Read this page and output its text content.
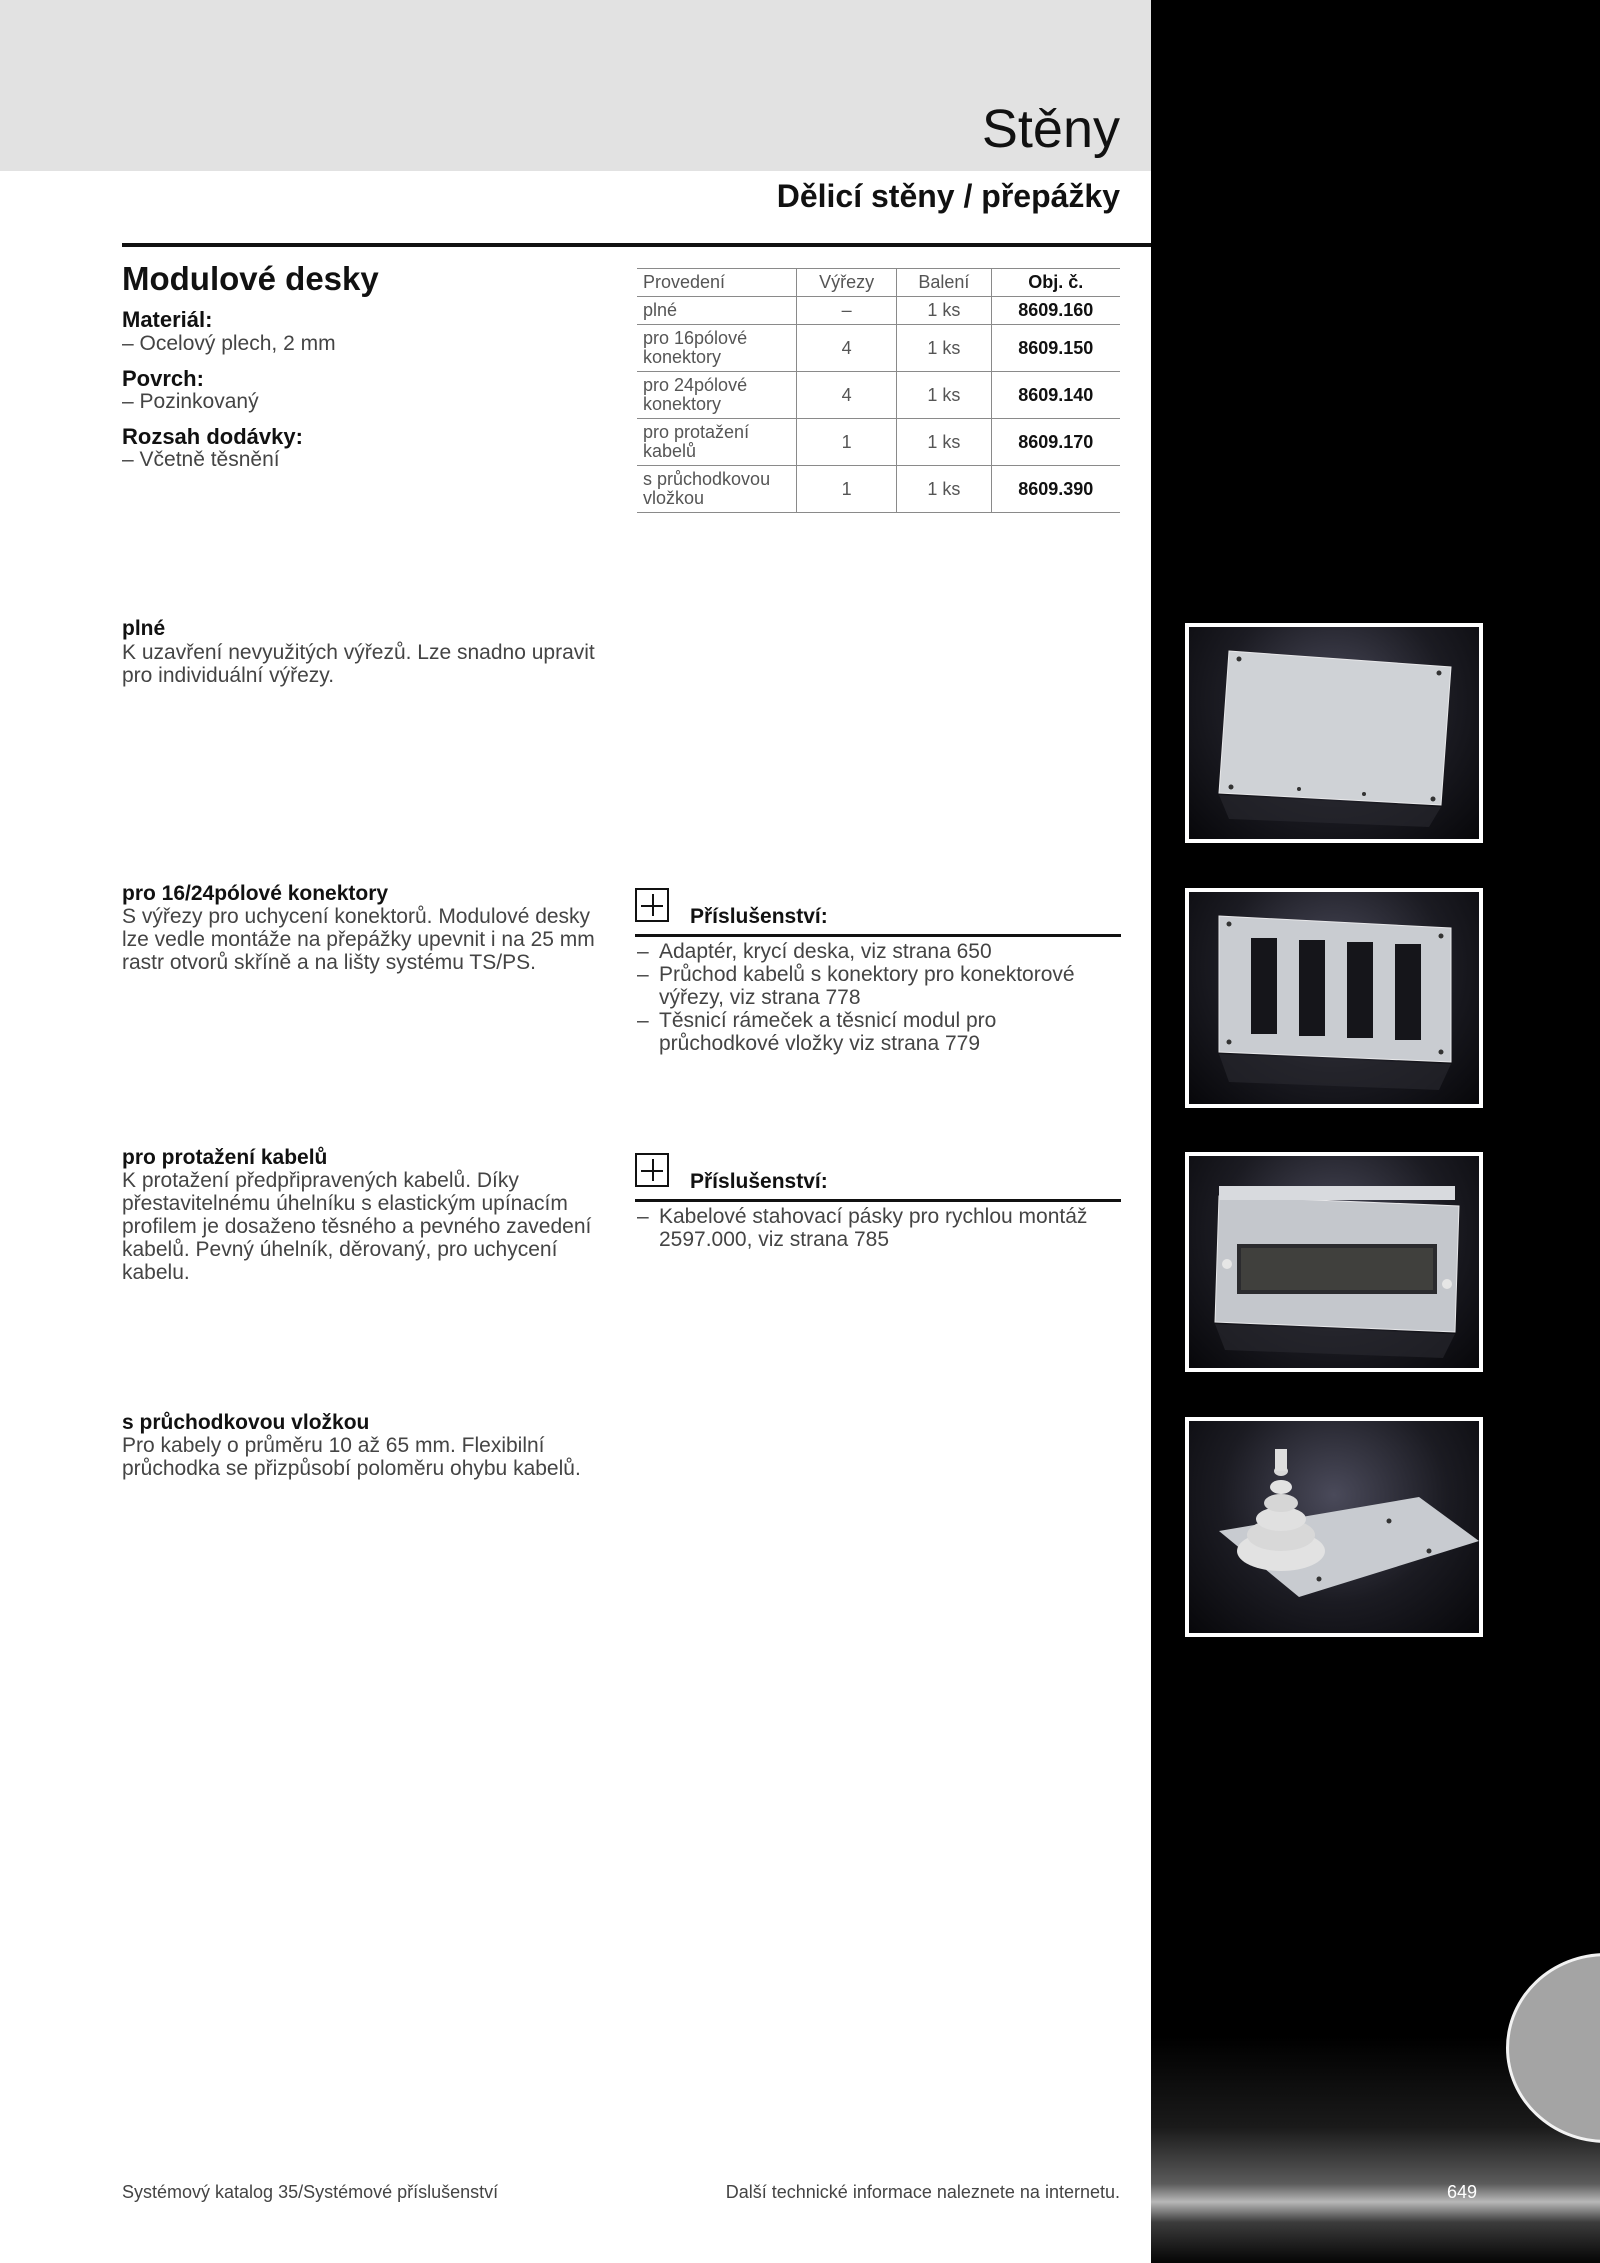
Stěny
Dělicí stěny / přepážky
Modulové desky
Materiál:
– Ocelový plech, 2 mm
Povrch:
– Pozinkovaný
Rozsah dodávky:
– Včetně těsnění
Provedení	Výřezy	Balení	Obj. č.
plné	–	1 ks	8609.160
pro 16pólové konektory	4	1 ks	8609.150
pro 24pólové konektory	4	1 ks	8609.140
pro protažení kabelů	1	1 ks	8609.170
s průchodkovou vložkou	1	1 ks	8609.390
plné
K uzavření nevyužitých výřezů. Lze snadno upravit pro individuální výřezy.
pro 16/24pólové konektory
S výřezy pro uchycení konektorů. Modulové desky lze vedle montáže na přepážky upevnit i na 25 mm rastr otvorů skříně a na lišty systému TS/PS.
pro protažení kabelů
K protažení předpřipravených kabelů. Díky přestavitelnému úhelníku s elastickým upínacím profilem je dosaženo těsného a pevného zavedení kabelů. Pevný úhelník, děrovaný, pro uchycení kabelu.
s průchodkovou vložkou
Pro kabely o průměru 10 až 65 mm. Flexibilní průchodka se přizpůsobí poloměru ohybu kabelů.
Příslušenství:
– Adaptér, krycí deska, viz strana 650
– Průchod kabelů s konektory pro konektorové výřezy, viz strana 778
– Těsnicí rámeček a těsnicí modul pro průchodkové vložky viz strana 779
Příslušenství:
– Kabelové stahovací pásky pro rychlou montáž 2597.000, viz strana 785
Systémový katalog 35/Systémové příslušenství	Další technické informace naleznete na internetu.	649
